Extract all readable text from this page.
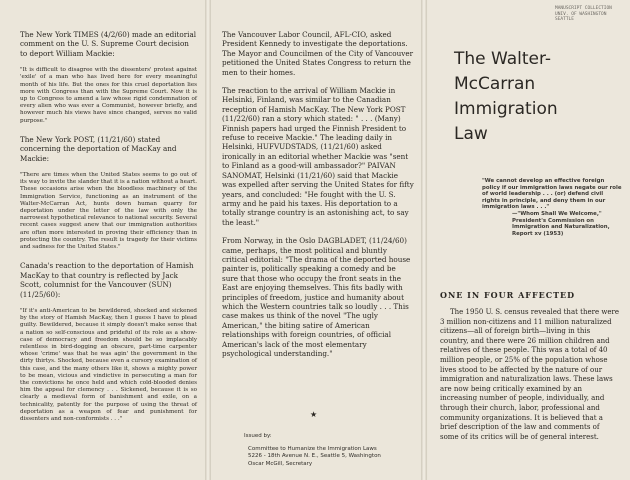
The New York TIMES (4/2/60) made an editorial comment on the U. S. Supreme Court decision to deport William Mackie:

"It is difficult to disagree with the dissenters' protest against 'exile' of a man who has lived here for every meaningful month of his life. But the ones for this cruel deportation lies more with Congress than with the Supreme Court. Now it is up to Congress to amend a law whose rigid condemnation of every alien who was ever a Communist, however briefly, and however much his views have since changed, serves no valid purpose."

The New York POST, (11/21/60) stated concerning the deportation of MacKay and Mackie:

"There are times when the United States seems to go out of its way to invite the slander that it is a nation without a heart. These occasions arise when the bloodless machinery of the Immigration Service, functioning as an instrument of the Walter-McCarran Act, hunts down human quarry for deportation under the letter of the law with only the narrowest hypothetical relevance to national security. Several recent cases suggest anew that our immigration authorities are often more interested in proving their efficiency than in protecting the country. The result is tragedy for their victims and sadness for the United States."

Canada's reaction to the deportation of Hamish MacKay to that country is reflected by Jack Scott, columnist for the Vancouver (SUN) (11/25/60):

"If it's anti-American to be bewildered, shocked and sickened by the story of Hamish MacKay, then I guess I have to plead guilty. Bewildered, because it simply doesn't make sense that a nation so self-conscious and prideful of its role as a show-case of democracy and freedom should be so implacably relentless in bird-dogging an obscure, part-time carpenter whose 'crime' was that he was agin' the government in the dirty thirtys. Shocked, because even a cursory examination of this case, and the many others like it, shows a mighty power to be mean, vicious and vindictive in persecuting a man for the convictions he once held and which cold-blooded denies him the appeal for clemency . . . Sickened, because it is so clearly a medieval form of banishment and exile, on a technicality, patently for the purpose of using the threat of deportation as a weapon of fear and punishment for dissenters and non-conformists . . ."

The Vancouver Labor Council, AFL-CIO, asked President Kennedy to investigate the deportations. The Mayor and Councilmen of the City of Vancouver petitioned the United States Congress to return the men to their homes.

The reaction to the arrival of William Mackie in Helsinki, Finland, was similar to the Canadian reception of Hamish MacKay. The New York POST (11/22/60) ran a story which stated: " . . . (Many) Finnish papers had urged the Finnish President to refuse to receive Mackie." The leading daily in Helsinki, HUFVUDSTADS, (11/21/60) asked ironically in an editorial whether Mackie was "sent to Finland as a good-will ambassador?" PAIVAN SANOMAT, Helsinki (11/21/60) said that Mackie was expelled after serving the United States for fifty years, and concluded: "He fought with the U. S. army and he paid his taxes. His deportation to a totally strange country is an astonishing act, to say the least."

From Norway, in the Oslo DAGBLADET, (11/24/60) came, perhaps, the most political and bluntly critical editorial: "The drama of the deported house painter is, politically speaking a comedy and be sure that those who occupy the front seats in the East are enjoying themselves. This fits badly with principles of freedom, justice and humanity about which the Western countries talk so loudly . . . This case makes us think of the novel "The ugly American," the biting satire of American relationships with foreign countries, of official American's lack of the most elementary psychological understanding."

★
Issued by:
Committee to Humanize the Immigration Laws
5226 - 18th Avenue N. E., Seattle 5, Washington
Oscar McGill, Secretary
The Walter-McCarran
Immigration
Law
MANUSCRIPT COLLECTION
UNIV. OF WASHINGTON
SEATTLE
"We cannot develop an effective foreign policy if our immigration laws negate our role of world leadership . . . (or) defend civil rights in principle, and deny them in our immigration laws . . ."
—"Whom Shall We Welcome,"
President's Commission on Immigration and Naturalization,
Report xv (1953)
ONE IN FOUR AFFECTED

The 1950 U. S. census revealed that there were 3 million non-citizens and 11 million naturalized citizens—all of foreign birth—living in this country, and there were 26 million children and relatives of these people. This was a total of 40 million people, or 25% of the population whose lives stood to be affected by the nature of our immigration and naturalization laws. These laws are now being critically examined by an increasing number of people, individually, and through their church, labor, professional and community organizations. It is believed that a brief description of the law and comments of some of its critics will be of general interest.
